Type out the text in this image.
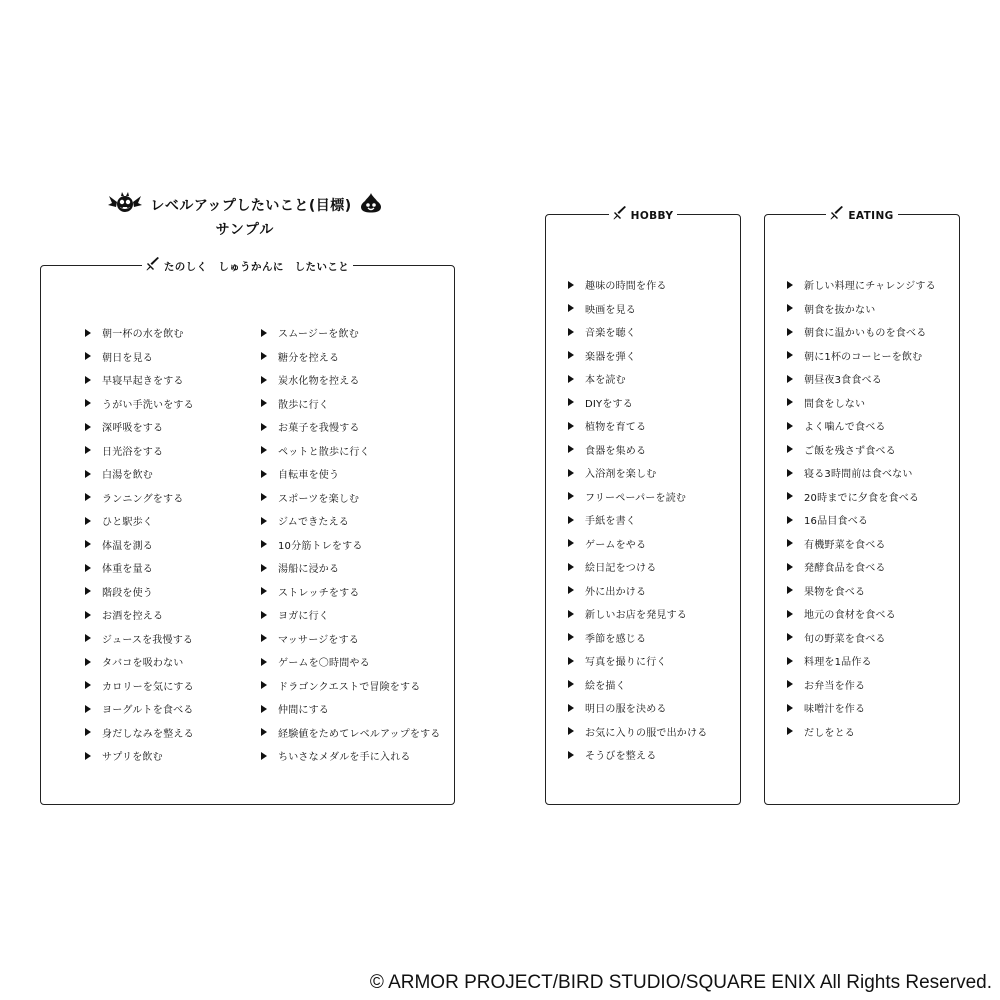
レベルアップしたいこと(目標)
サンプル
たのしく　しゅうかんに　したいこと
朝一杯の水を飲む
朝日を見る
早寝早起きをする
うがい手洗いをする
深呼吸をする
日光浴をする
白湯を飲む
ランニングをする
ひと駅歩く
体温を測る
体重を量る
階段を使う
お酒を控える
ジュースを我慢する
タバコを吸わない
カロリーを気にする
ヨーグルトを食べる
身だしなみを整える
サプリを飲む
スムージーを飲む
糖分を控える
炭水化物を控える
散歩に行く
お菓子を我慢する
ペットと散歩に行く
自転車を使う
スポーツを楽しむ
ジムできたえる
10分筋トレをする
湯船に浸かる
ストレッチをする
ヨガに行く
マッサージをする
ゲームを〇時間やる
ドラゴンクエストで冒険をする
仲間にする
経験値をためてレベルアップをする
ちいさなメダルを手に入れる
HOBBY
趣味の時間を作る
映画を見る
音楽を聴く
楽器を弾く
本を読む
DIYをする
植物を育てる
食器を集める
入浴剤を楽しむ
フリーペーパーを読む
手紙を書く
ゲームをやる
絵日記をつける
外に出かける
新しいお店を発見する
季節を感じる
写真を撮りに行く
絵を描く
明日の服を決める
お気に入りの服で出かける
そうびを整える
EATING
新しい料理にチャレンジする
朝食を抜かない
朝食に温かいものを食べる
朝に1杯のコーヒーを飲む
朝昼夜3食食べる
間食をしない
よく噛んで食べる
ご飯を残さず食べる
寝る3時間前は食べない
20時までに夕食を食べる
16品目食べる
有機野菜を食べる
発酵食品を食べる
果物を食べる
地元の食材を食べる
旬の野菜を食べる
料理を1品作る
お弁当を作る
味噌汁を作る
だしをとる
© ARMOR PROJECT/BIRD STUDIO/SQUARE ENIX All Rights Reserved.
